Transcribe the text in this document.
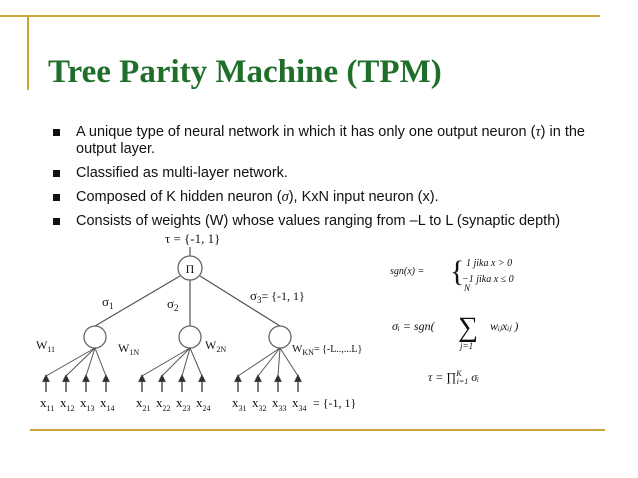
Tree Parity Machine (TPM)
A unique type of neural network in which it has only one output neuron (τ) in the output layer.
Classified as multi-layer network.
Composed of K hidden neuron (σ), KxN input neuron (x).
Consists of weights (W) whose values ranging from –L to L (synaptic depth)
τ = {-1, 1}
Π
$\sigma_1$	$\sigma_2$
$\sigma_3= \{-1$, 1}
$W_{11}$	$W_{1N}$
$W_{2N}$	$W_{KN}= \{-L..,...L\}$
$x_{11}$ $x_{12}$ $x_{13}$ $x_{14}$ $x_{21}$ $x_{22}$ $x_{23}$ $x_{24}$ $x_{31}$ $x_{32}$ $x_{33}$ $x_{34} = \{-1$, 1}
sgn(x) = { 1 jika x > 0
−1 jika x ≤ 0
σᵢ = sgn(
N
∑
j=1
wᵢⱼxᵢⱼ )
τ = ∏$^K$ i=1 σᵢ
